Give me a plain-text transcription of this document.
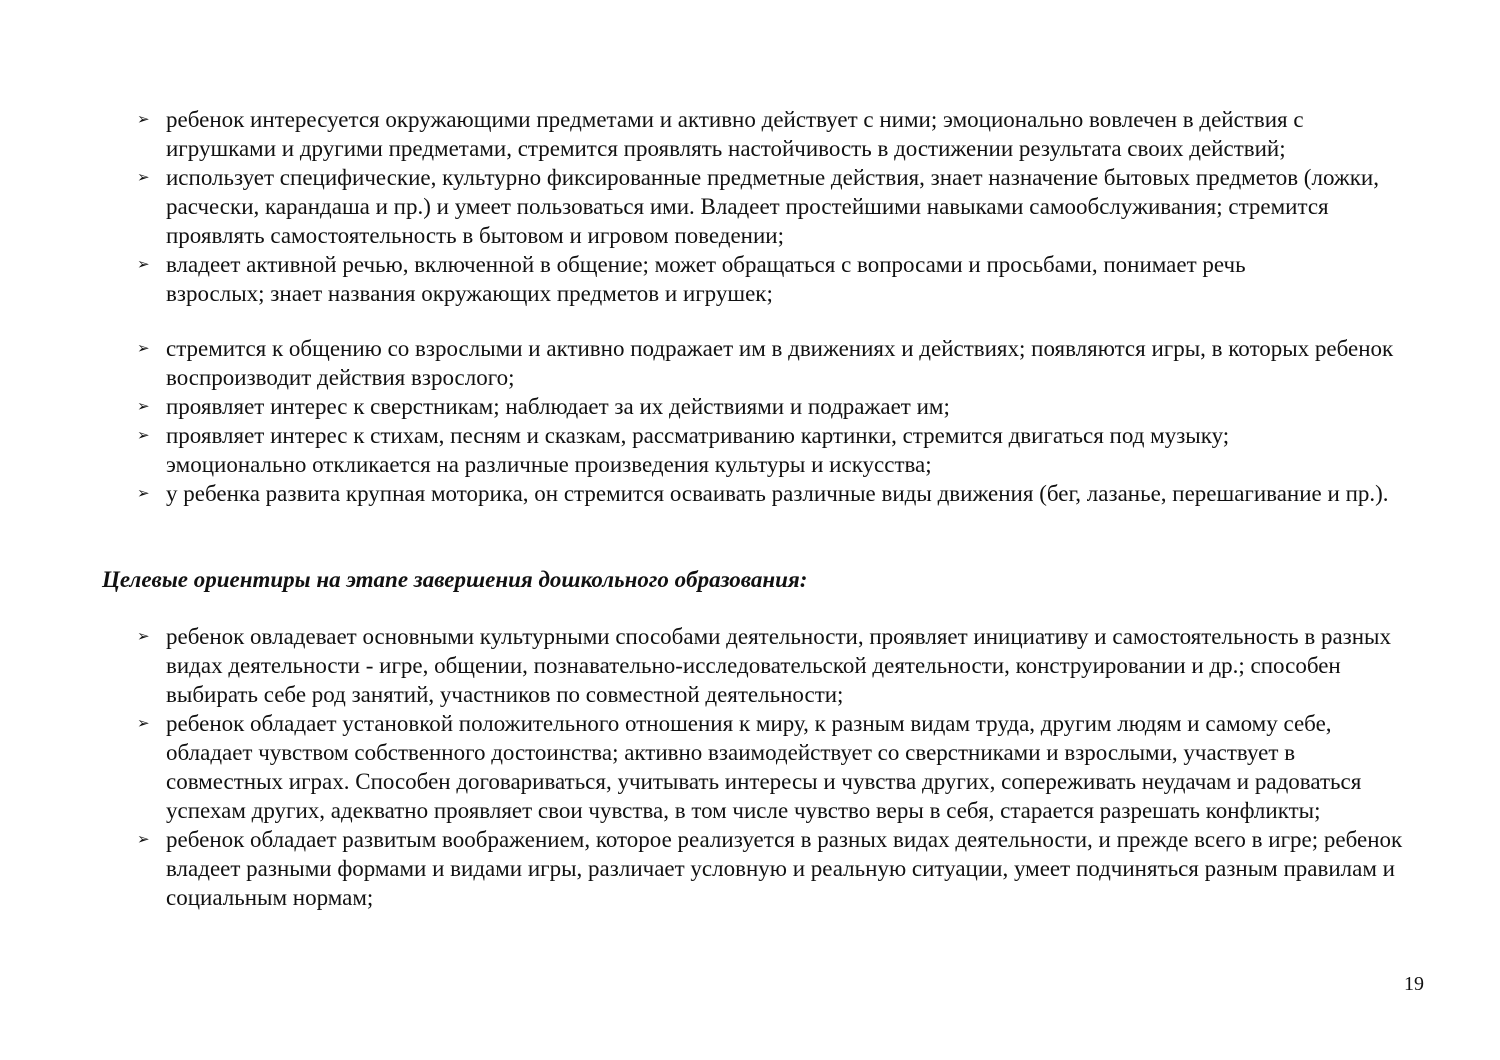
➢ ребенок интересуется окружающими предметами и активно действует с ними; эмоционально вовлечен в действия с игрушками и другими предметами, стремится проявлять настойчивость в достижении результата своих действий;
➢ использует специфические, культурно фиксированные предметные действия, знает назначение бытовых предметов (ложки, расчески, карандаша и пр.) и умеет пользоваться ими. Владеет простейшими навыками самообслуживания; стремится проявлять самостоятельность в бытовом и игровом поведении;
➢ владеет активной речью, включенной в общение; может обращаться с вопросами и просьбами, понимает речь взрослых; знает названия окружающих предметов и игрушек;
➢ стремится к общению со взрослыми и активно подражает им в движениях и действиях; появляются игры, в которых ребенок воспроизводит действия взрослого;
➢ проявляет интерес к сверстникам; наблюдает за их действиями и подражает им;
➢ проявляет интерес к стихам, песням и сказкам, рассматриванию картинки, стремится двигаться под музыку; эмоционально откликается на различные произведения культуры и искусства;
➢ у ребенка развита крупная моторика, он стремится осваивать различные виды движения (бег, лазанье, перешагивание и пр.).

Целевые ориентиры на этапе завершения дошкольного образования:

➢ ребенок овладевает основными культурными способами деятельности, проявляет инициативу и самостоятельность в разных видах деятельности - игре, общении, познавательно-исследовательской деятельности, конструировании и др.; способен выбирать себе род занятий, участников по совместной деятельности;
➢ ребенок обладает установкой положительного отношения к миру, к разным видам труда, другим людям и самому себе, обладает чувством собственного достоинства; активно взаимодействует со сверстниками и взрослыми, участвует в совместных играх. Способен договариваться, учитывать интересы и чувства других, сопереживать неудачам и радоваться успехам других, адекватно проявляет свои чувства, в том числе чувство веры в себя, старается разрешать конфликты;
➢ ребенок обладает развитым воображением, которое реализуется в разных видах деятельности, и прежде всего в игре; ребенок владеет разными формами и видами игры, различает условную и реальную ситуации, умеет подчиняться разным правилам и социальным нормам;
19
